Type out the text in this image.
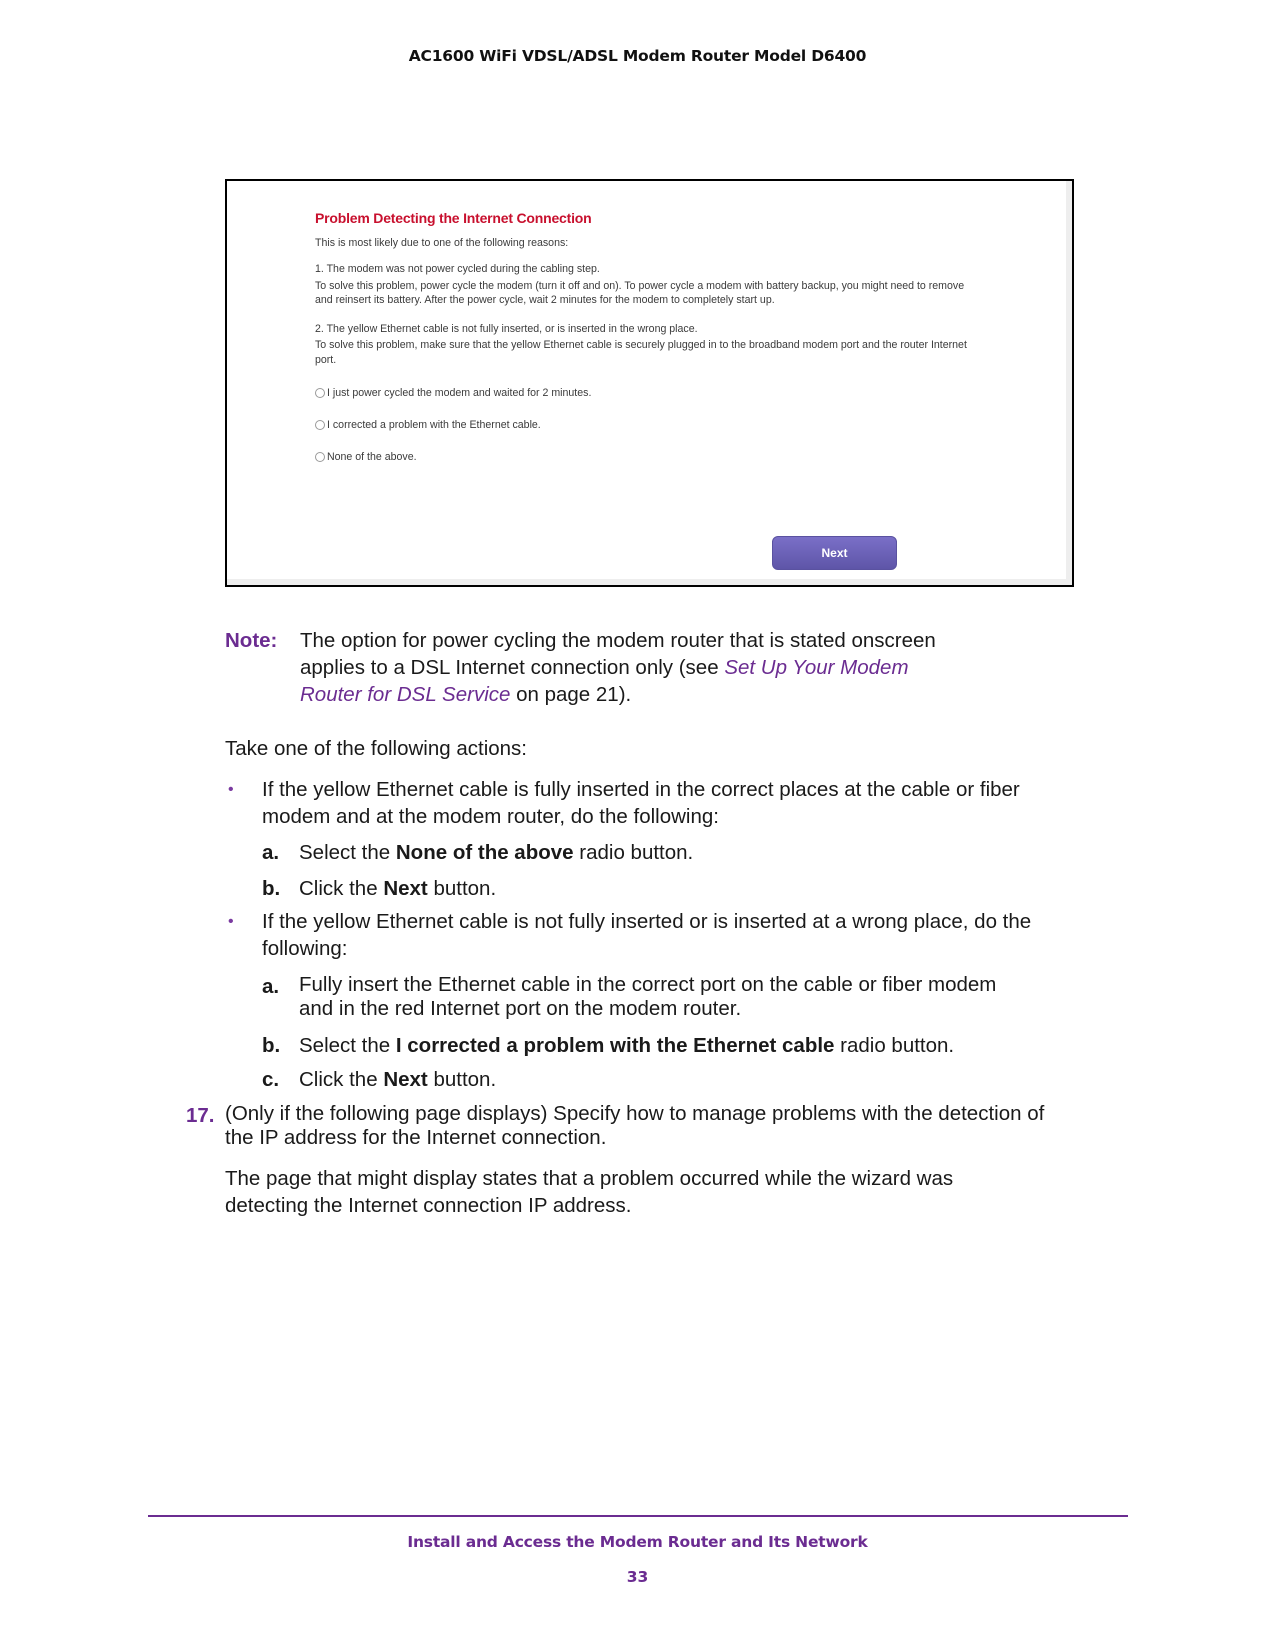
AC1600 WiFi VDSL/ADSL Modem Router Model D6400
Problem Detecting the Internet Connection
This is most likely due to one of the following reasons:
1. The modem was not power cycled during the cabling step.
To solve this problem, power cycle the modem (turn it off and on). To power cycle a modem with battery backup, you might need to remove and reinsert its battery. After the power cycle, wait 2 minutes for the modem to completely start up.
2. The yellow Ethernet cable is not fully inserted, or is inserted in the wrong place.
To solve this problem, make sure that the yellow Ethernet cable is securely plugged in to the broadband modem port and the router Internet port.
I just power cycled the modem and waited for 2 minutes.
I corrected a problem with the Ethernet cable.
None of the above.
Next
Note: The option for power cycling the modem router that is stated onscreen
applies to a DSL Internet connection only (see Set Up Your Modem
Router for DSL Service on page 21).
Take one of the following actions:
• If the yellow Ethernet cable is fully inserted in the correct places at the cable or fiber
modem and at the modem router, do the following:
a. Select the None of the above radio button.
b. Click the Next button.
• If the yellow Ethernet cable is not fully inserted or is inserted at a wrong place, do the
following:
a. Fully insert the Ethernet cable in the correct port on the cable or fiber modem
and in the red Internet port on the modem router.
b. Select the I corrected a problem with the Ethernet cable radio button.
c. Click the Next button.
17. (Only if the following page displays) Specify how to manage problems with the detection of
the IP address for the Internet connection.
The page that might display states that a problem occurred while the wizard was
detecting the Internet connection IP address.
Install and Access the Modem Router and Its Network
33
